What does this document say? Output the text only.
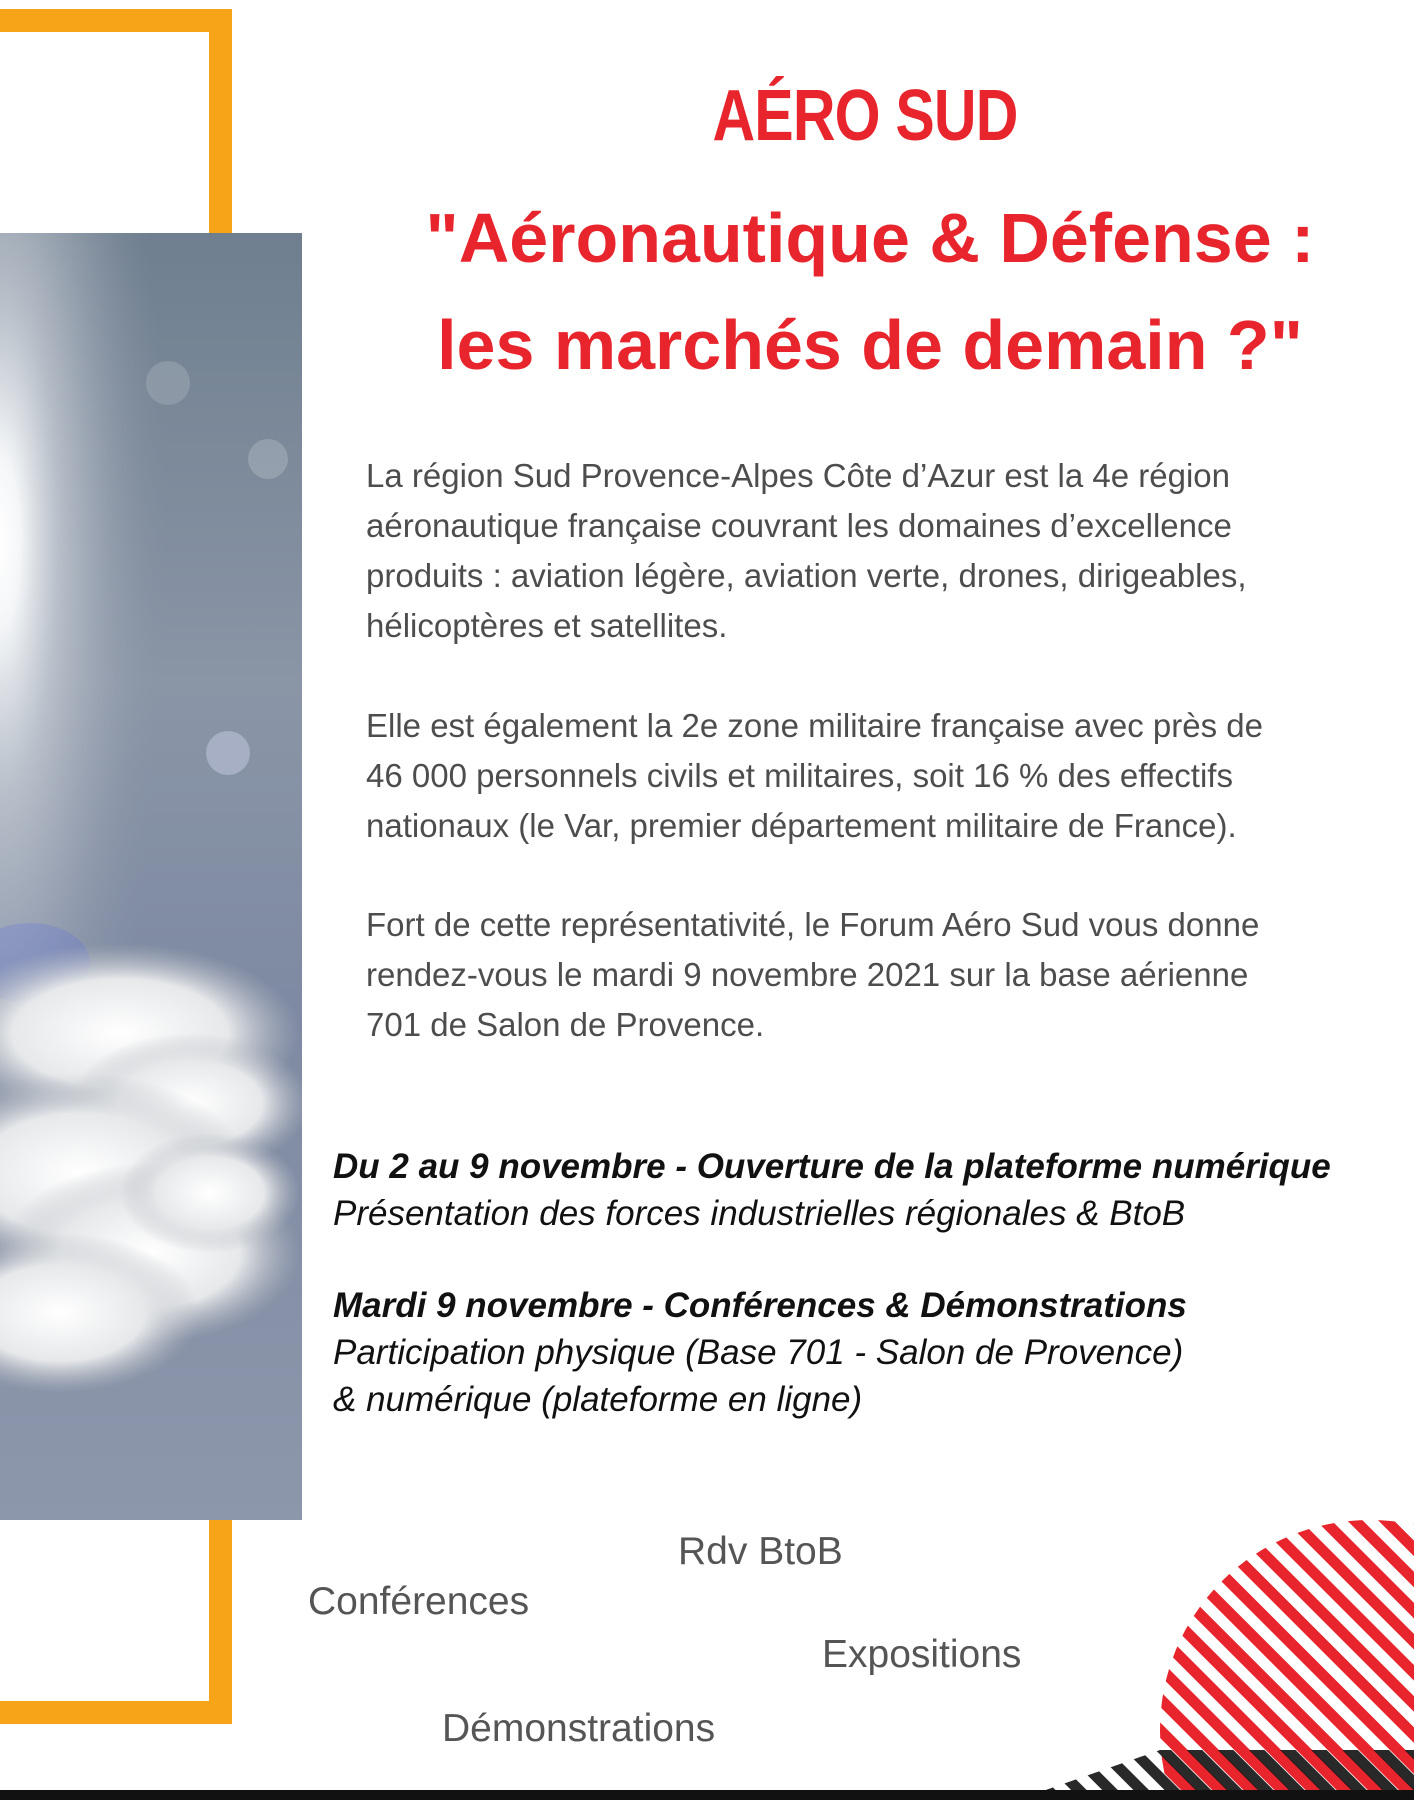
AÉRO SUD
"Aéronautique & Défense :
les marchés de demain ?"
La région Sud Provence-Alpes Côte d’Azur est la 4e région
aéronautique française couvrant les domaines d’excellence
produits : aviation légère, aviation verte, drones, dirigeables,
hélicoptères et satellites.
Elle est également la 2e zone militaire française avec près de
46 000 personnels civils et militaires, soit 16 % des effectifs
nationaux (le Var, premier département militaire de France).
Fort de cette représentativité, le Forum Aéro Sud vous donne
rendez-vous le mardi 9 novembre 2021 sur la base aérienne
701 de Salon de Provence.
Du 2 au 9 novembre - Ouverture de la plateforme numérique
Présentation des forces industrielles régionales & BtoB
Mardi 9 novembre - Conférences & Démonstrations
Participation physique (Base 701 - Salon de Provence)
& numérique (plateforme en ligne)
Rdv BtoB
Conférences
Expositions
Démonstrations
